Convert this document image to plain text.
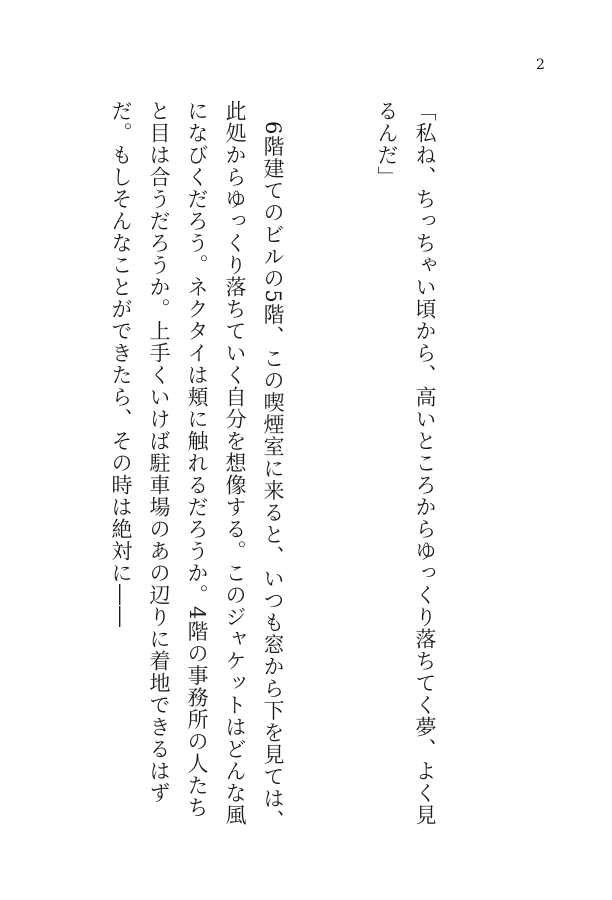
2

「私ね、ちっちゃい頃から、高いところからゆっくり落ちてく夢、よく見るんだ」

6階建てのビルの5階、この喫煙室に来ると、いつも窓から下を見ては、此処からゆっくり落ちていく自分を想像する。このジャケットはどんな風になびくだろう。ネクタイは頬に触れるだろうか。4階の事務所の人たちと目は合うだろうか。上手くいけば駐車場のあの辺りに着地できるはずだ。もしそんなことができたら、その時は絶対に――
